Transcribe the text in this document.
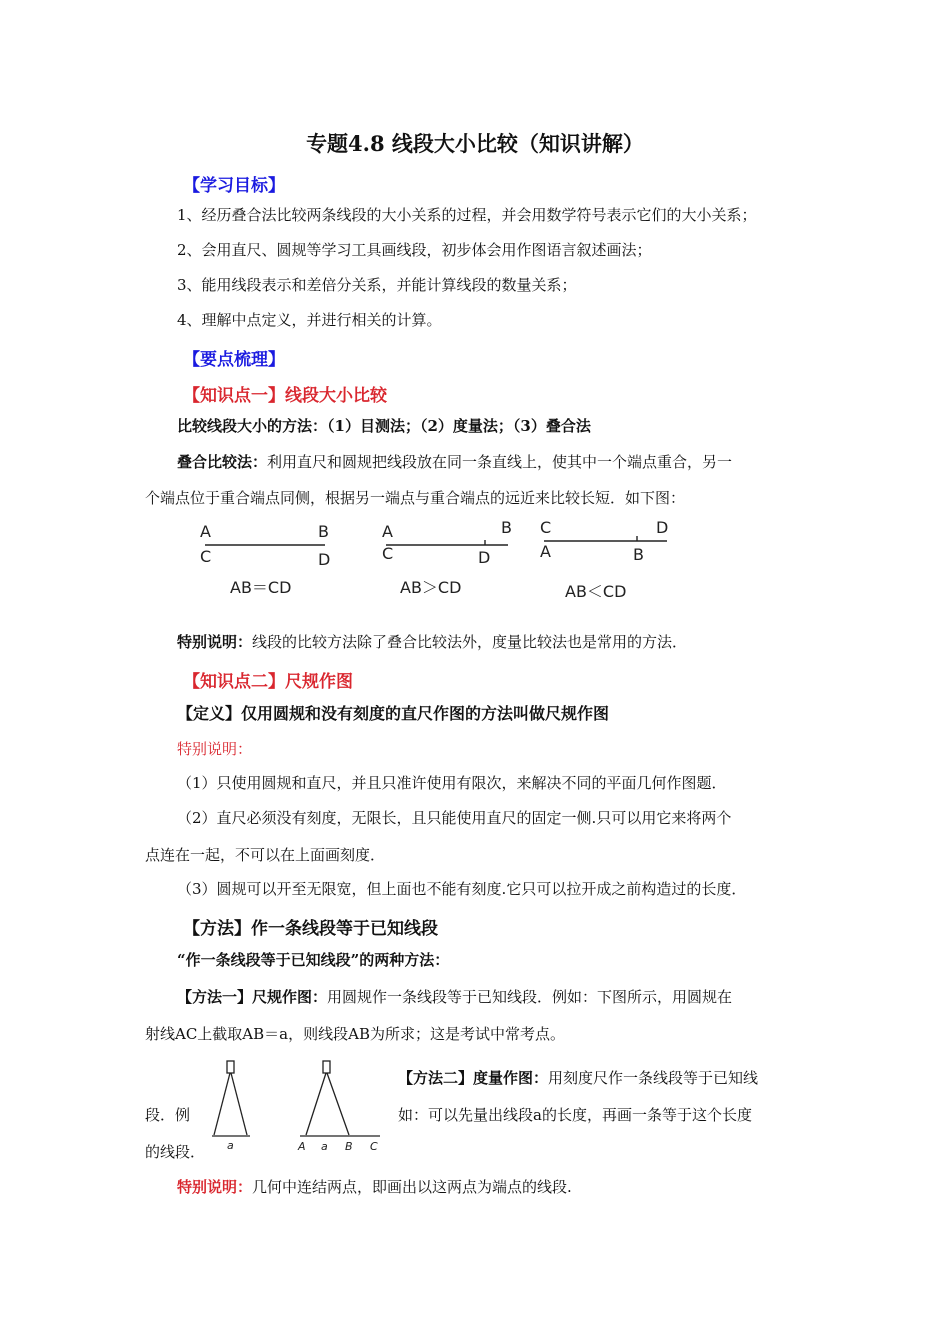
专题4.8 线段大小比较（知识讲解）
【学习目标】
1、经历叠合法比较两条线段的大小关系的过程，并会用数学符号表示它们的大小关系；
2、会用直尺、圆规等学习工具画线段，初步体会用作图语言叙述画法；
3、能用线段表示和差倍分关系，并能计算线段的数量关系；
4、理解中点定义，并进行相关的计算。
【要点梳理】
【知识点一】线段大小比较
比较线段大小的方法：（1）目测法；（2）度量法；（3）叠合法
叠合比较法：利用直尺和圆规把线段放在同一条直线上，使其中一个端点重合，另一
个端点位于重合端点同侧，根据另一端点与重合端点的远近来比较长短．如下图：
A	B
C	D
AB＝CD
A	B
C	D
AB＞CD
C	D
A	B
AB＜CD
特别说明：线段的比较方法除了叠合比较法外，度量比较法也是常用的方法．
【知识点二】尺规作图
【定义】仅用圆规和没有刻度的直尺作图的方法叫做尺规作图
特别说明：
（1）只使用圆规和直尺，并且只准许使用有限次，来解决不同的平面几何作图题．
（2）直尺必须没有刻度，无限长，且只能使用直尺的固定一侧.只可以用它来将两个
点连在一起，不可以在上面画刻度．
（3）圆规可以开至无限宽，但上面也不能有刻度.它只可以拉开成之前构造过的长度．
【方法】作一条线段等于已知线段
“作一条线段等于已知线段”的两种方法：
【方法一】尺规作图：用圆规作一条线段等于已知线段．例如：下图所示，用圆规在
射线AC上截取AB＝a，则线段AB为所求；这是考试中常考点。
a	A a B C
【方法二】度量作图：用刻度尺作一条线段等于已知线
段．例	如：可以先量出线段a的长度，再画一条等于这个长度
的线段．
特别说明：几何中连结两点，即画出以这两点为端点的线段.
